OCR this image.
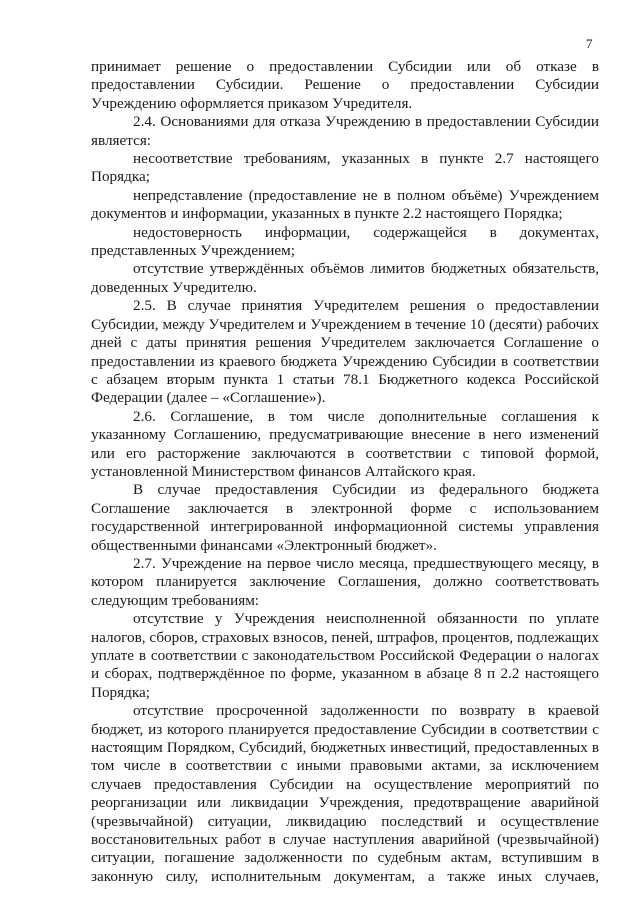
7

принимает решение о предоставлении Субсидии или об отказе в предоставлении Субсидии. Решение о предоставлении Субсидии Учреждению оформляется приказом Учредителя.

2.4. Основаниями для отказа Учреждению в предоставлении Субсидии является:

несоответствие требованиям, указанных в пункте 2.7 настоящего Порядка;

непредставление (предоставление не в полном объёме) Учреждением документов и информации, указанных в пункте 2.2 настоящего Порядка;

недостоверность информации, содержащейся в документах, представленных Учреждением;

отсутствие утверждённых объёмов лимитов бюджетных обязательств, доведенных Учредителю.

2.5. В случае принятия Учредителем решения о предоставлении Субсидии, между Учредителем и Учреждением в течение 10 (десяти) рабочих дней с даты принятия решения Учредителем заключается Соглашение о предоставлении из краевого бюджета Учреждению Субсидии в соответствии с абзацем вторым пункта 1 статьи 78.1 Бюджетного кодекса Российской Федерации (далее – «Соглашение»).

2.6. Соглашение, в том числе дополнительные соглашения к указанному Соглашению, предусматривающие внесение в него изменений или его расторжение заключаются в соответствии с типовой формой, установленной Министерством финансов Алтайского края.

В случае предоставления Субсидии из федерального бюджета Соглашение заключается в электронной форме с использованием государственной интегрированной информационной системы управления общественными финансами «Электронный бюджет».

2.7. Учреждение на первое число месяца, предшествующего месяцу, в котором планируется заключение Соглашения, должно соответствовать следующим требованиям:

отсутствие у Учреждения неисполненной обязанности по уплате налогов, сборов, страховых взносов, пеней, штрафов, процентов, подлежащих уплате в соответствии с законодательством Российской Федерации о налогах и сборах, подтверждённое по форме, указанном в абзаце 8 п 2.2 настоящего Порядка;

отсутствие просроченной задолженности по возврату в краевой бюджет, из которого планируется предоставление Субсидии в соответствии с настоящим Порядком, Субсидий, бюджетных инвестиций, предоставленных в том числе в соответствии с иными правовыми актами, за исключением случаев предоставления Субсидии на осуществление мероприятий по реорганизации или ликвидации Учреждения, предотвращение аварийной (чрезвычайной) ситуации, ликвидацию последствий и осуществление восстановительных работ в случае наступления аварийной (чрезвычайной) ситуации, погашение задолженности по судебным актам, вступившим в законную силу, исполнительным документам, а также иных случаев,
